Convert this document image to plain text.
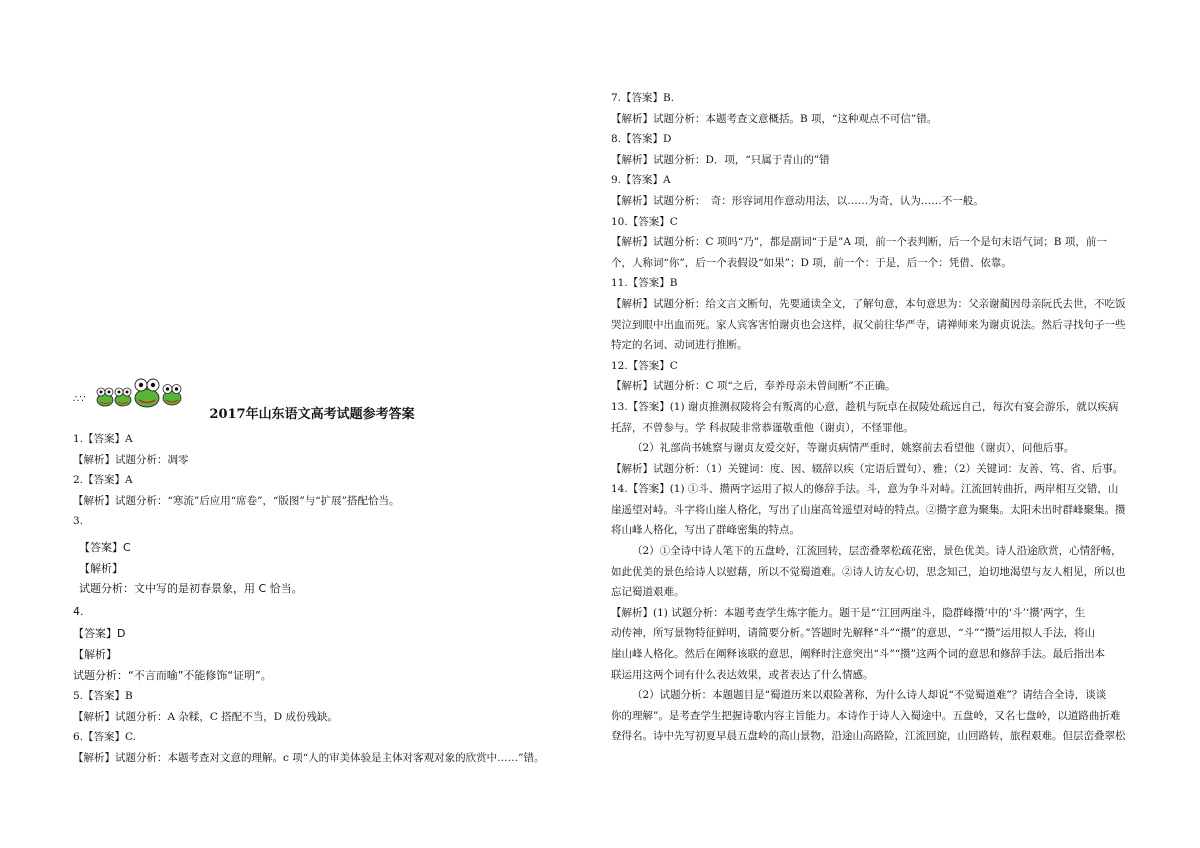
∴∵
2017年山东语文高考试题参考答案
1.【答案】A
【解析】试题分析：凋零
2.【答案】A
【解析】试题分析：“寒流”后应用“席卷”，“版图”与“扩展”搭配恰当。
3.
【答案】C
【解析】
试题分析：文中写的是初春景象，用 C 恰当。
4.
【答案】D
【解析】
试题分析：“不言而喻”不能修饰“证明”。
5.【答案】B
【解析】试题分析：A 杂糅，C 搭配不当，D 成份残缺。
6.【答案】C.
【解析】试题分析：本题考查对文意的理解。c 项“人的审美体验是主体对客观对象的欣赏中……”错。
7.【答案】B.
【解析】试题分析：本题考查文意概括。B 项，“这种观点不可信”错。
8.【答案】D
【解析】试题分析：D．项，“只属于青山的”错
9.【答案】A
【解析】试题分析：　奇：形容词用作意动用法，以……为奇，认为……不一般。
10.【答案】C
【解析】试题分析：C 项吗“乃”，都是副词“于是”A 项，前一个表判断，后一个是句末语气词；B 项，前一
个，人称词“你”，后一个表假设“如果”；D 项，前一个：于是，后一个：凭借、依靠。
11.【答案】B
【解析】试题分析：给文言文断句，先要通读全文，了解句意，本句意思为：父亲谢蔺因母亲阮氏去世，不吃饭
哭泣到眼中出血而死。家人宾客害怕谢贞也会这样，叔父前往华严寺，请禅师来为谢贞说法。然后寻找句子一些
特定的名词、动词进行推断。
12.【答案】C
【解析】试题分析：C 项“之后，奉养母亲未曾间断”不正确。
13.【答案】(1) 谢贞推测叔陵将会有叛离的心意，趁机与阮卓在叔陵处疏远自己，每次有宴会游乐，就以疾病
托辞，不曾参与。学 科叔陵非常恭谨敬重他（谢贞），不怪罪他。
（2）礼部尚书姚察与谢贞友爱交好，等谢贞病情严重时，姚察前去看望他（谢贞），问他后事。
【解析】试题分析：（1）关键词：度、因、辍辞以疾（定语后置句）、雅；（2）关键词：友善、笃、省、后事。
14.【答案】(1) ①斗、攒两字运用了拟人的修辞手法。斗，意为争斗对峙。江流回转曲折，两岸相互交错，山
崖遥望对峙。斗字将山崖人格化，写出了山崖高耸遥望对峙的特点。②攒字意为聚集。太阳未出时群峰聚集。攒
将山峰人格化，写出了群峰密集的特点。
（2）①全诗中诗人笔下的五盘岭，江流回转，层峦叠翠松疏花密，景色优美。诗人沿途欣赏，心情舒畅，
如此优美的景色给诗人以慰藉，所以不觉蜀道难。②诗人访友心切，思念知己，迫切地渴望与友人相见，所以也
忘记蜀道艰难。
【解析】(1) 试题分析：本题考查学生炼字能力。题干是“‘江回两崖斗，隐群峰攒’中的‘斗’‘攒’两字，生
动传神，所写景物特征鲜明，请简要分析。”答题时先解释“斗”“攒”的意思，“斗”“攒”运用拟人手法，将山
崖山峰人格化。然后在阐释该联的意思，阐释时注意突出“斗”“攒”这两个词的意思和修辞手法。最后指出本
联运用这两个词有什么表达效果，或者表达了什么情感。
（2）试题分析：本题题目是“蜀道历来以艰险著称，为什么诗人却说“不觉蜀道难”？请结合全诗，谈谈
你的理解”。是考查学生把握诗歌内容主旨能力。本诗作于诗人入蜀途中。五盘岭，又名七盘岭，以道路曲折难
登得名。诗中先写初夏早晨五盘岭的高山景物，沿途山高路险，江流回旋，山回路转，旅程艰难。但层峦叠翠松
